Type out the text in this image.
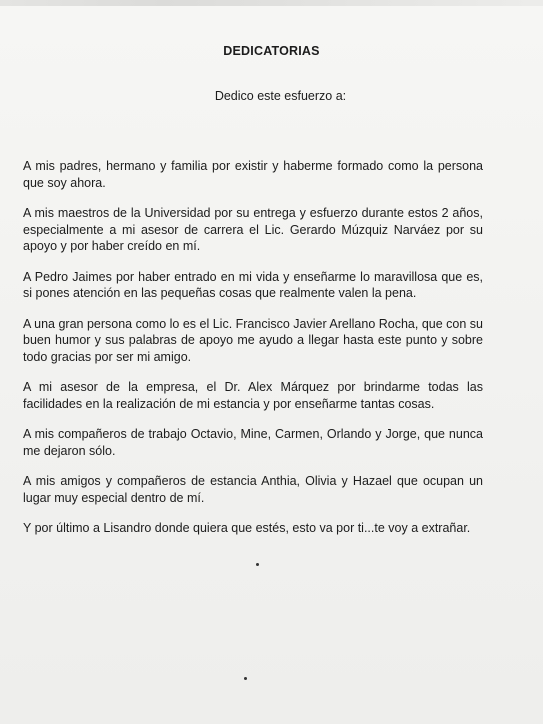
DEDICATORIAS
Dedico este esfuerzo a:

A mis padres, hermano y familia por existir y haberme formado como la persona que soy ahora.

A mis maestros de la Universidad por su entrega y esfuerzo durante estos 2 años, especialmente a mi asesor de carrera el Lic. Gerardo Múzquiz Narváez por su apoyo y por haber creído en mí.

A Pedro Jaimes por haber entrado en mi vida y enseñarme lo maravillosa que es, si pones atención en las pequeñas cosas que realmente valen la pena.

A una gran persona como lo es el Lic. Francisco Javier Arellano Rocha, que con su buen humor y sus palabras de apoyo me ayudo a llegar hasta este punto y sobre todo gracias por ser mi amigo.

A mi asesor de la empresa, el Dr. Alex Márquez por brindarme todas las facilidades en la realización de mi estancia y por enseñarme tantas cosas.

A mis compañeros de trabajo Octavio, Mine, Carmen, Orlando y Jorge, que nunca me dejaron sólo.

A mis amigos y compañeros de estancia Anthia, Olivia y Hazael que ocupan un lugar muy especial dentro de mí.

Y por último a Lisandro donde quiera que estés, esto va por ti...te voy a extrañar.
